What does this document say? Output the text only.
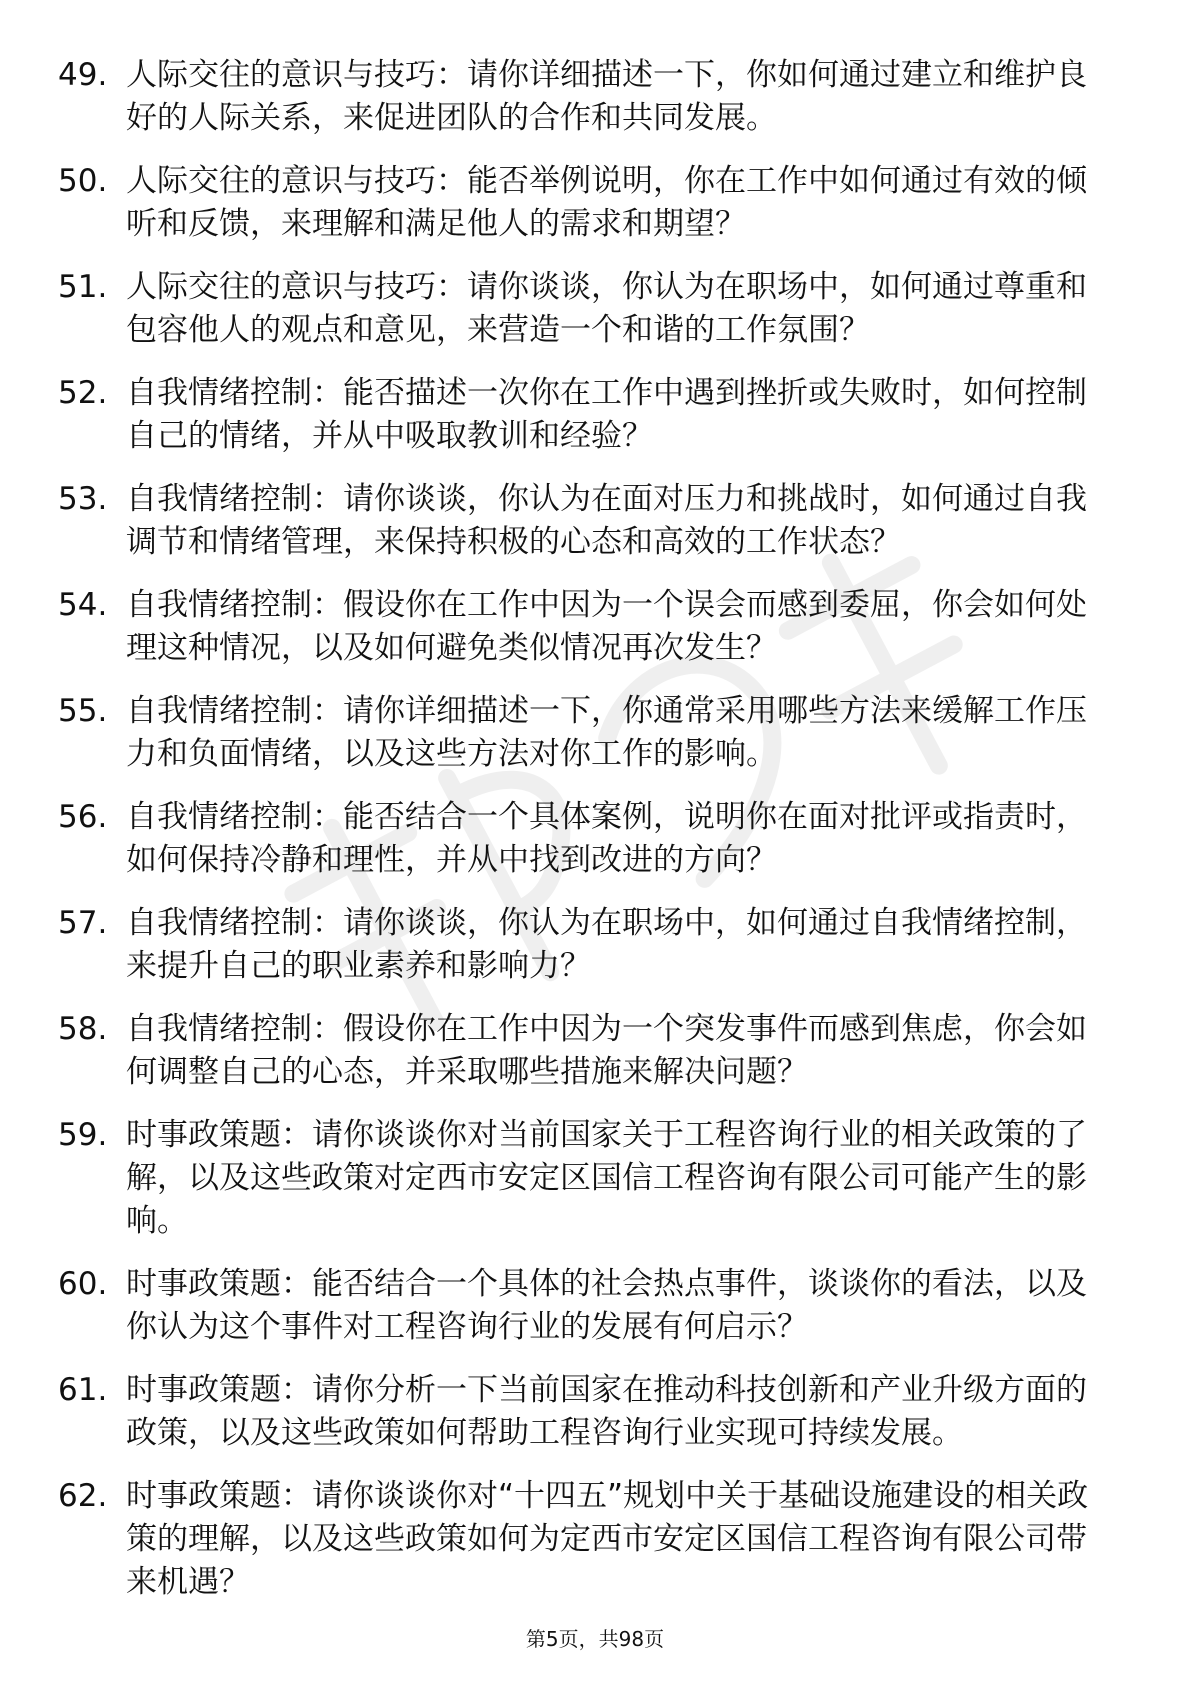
49. 人际交往的意识与技巧：请你详细描述一下，你如何通过建立和维护良好的人际关系，来促进团队的合作和共同发展。
50. 人际交往的意识与技巧：能否举例说明，你在工作中如何通过有效的倾听和反馈，来理解和满足他人的需求和期望？
51. 人际交往的意识与技巧：请你谈谈，你认为在职场中，如何通过尊重和包容他人的观点和意见，来营造一个和谐的工作氛围？
52. 自我情绪控制：能否描述一次你在工作中遇到挫折或失败时，如何控制自己的情绪，并从中吸取教训和经验？
53. 自我情绪控制：请你谈谈，你认为在面对压力和挑战时，如何通过自我调节和情绪管理，来保持积极的心态和高效的工作状态？
54. 自我情绪控制：假设你在工作中因为一个误会而感到委屈，你会如何处理这种情况，以及如何避免类似情况再次发生？
55. 自我情绪控制：请你详细描述一下，你通常采用哪些方法来缓解工作压力和负面情绪，以及这些方法对你工作的影响。
56. 自我情绪控制：能否结合一个具体案例，说明你在面对批评或指责时，如何保持冷静和理性，并从中找到改进的方向？
57. 自我情绪控制：请你谈谈，你认为在职场中，如何通过自我情绪控制，来提升自己的职业素养和影响力？
58. 自我情绪控制：假设你在工作中因为一个突发事件而感到焦虑，你会如何调整自己的心态，并采取哪些措施来解决问题？
59. 时事政策题：请你谈谈你对当前国家关于工程咨询行业的相关政策的了解，以及这些政策对定西市安定区国信工程咨询有限公司可能产生的影响。
60. 时事政策题：能否结合一个具体的社会热点事件，谈谈你的看法，以及你认为这个事件对工程咨询行业的发展有何启示？
61. 时事政策题：请你分析一下当前国家在推动科技创新和产业升级方面的政策，以及这些政策如何帮助工程咨询行业实现可持续发展。
62. 时事政策题：请你谈谈你对“十四五”规划中关于基础设施建设的相关政策的理解，以及这些政策如何为定西市安定区国信工程咨询有限公司带来机遇？
第5页，共98页
